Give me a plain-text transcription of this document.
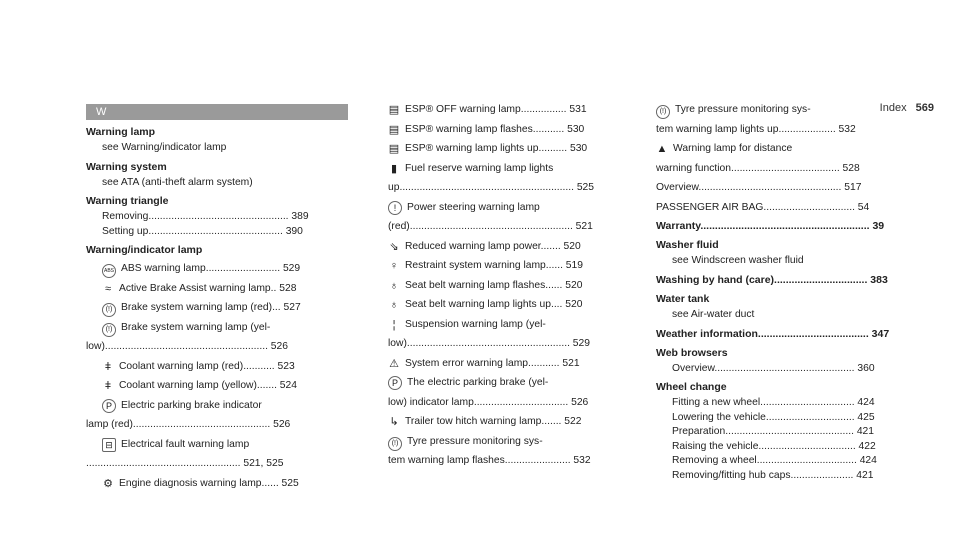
Index 569
W
Warning lamp
see Warning/indicator lamp
Warning system
see ATA (anti-theft alarm system)
Warning triangle
Removing................................................. 389
Setting up............................................... 390
Warning/indicator lamp
ABS ABS warning lamp.......................... 529
≈ Active Brake Assist warning lamp.. 528
(!) Brake system warning lamp (red)... 527
(!) Brake system warning lamp (yel-
low)......................................................... 526
ǂ Coolant warning lamp (red)........... 523
ǂ Coolant warning lamp (yellow)....... 524
P Electric parking brake indicator
lamp (red)................................................ 526
⊟ Electrical fault warning lamp
...................................................... 521, 525
⚙ Engine diagnosis warning lamp...... 525
▤ ESP® OFF warning lamp................ 531
▤ ESP® warning lamp flashes........... 530
▤ ESP® warning lamp lights up.......... 530
▮ Fuel reserve warning lamp lights
up............................................................. 525
! Power steering warning lamp
(red)......................................................... 521
⇘ Reduced warning lamp power....... 520
♀ Restraint system warning lamp...... 519
♁ Seat belt warning lamp flashes...... 520
♁ Seat belt warning lamp lights up.... 520
¦ Suspension warning lamp (yel-
low)......................................................... 529
⚠ System error warning lamp........... 521
P The electric parking brake (yel-
low) indicator lamp................................. 526
↳ Trailer tow hitch warning lamp....... 522
(!) Tyre pressure monitoring sys-
tem warning lamp flashes....................... 532
(!) Tyre pressure monitoring sys-
tem warning lamp lights up.................... 532
▲ Warning lamp for distance
warning function...................................... 528
Overview.................................................. 517
PASSENGER AIR BAG................................ 54
Warranty.......................................................... 39
Washer fluid
see Windscreen washer fluid
Washing by hand (care)................................ 383
Water tank
see Air-water duct
Weather information...................................... 347
Web browsers
Overview................................................. 360
Wheel change
Fitting a new wheel................................. 424
Lowering the vehicle............................... 425
Preparation............................................. 421
Raising the vehicle.................................. 422
Removing a wheel................................... 424
Removing/fitting hub caps...................... 421
